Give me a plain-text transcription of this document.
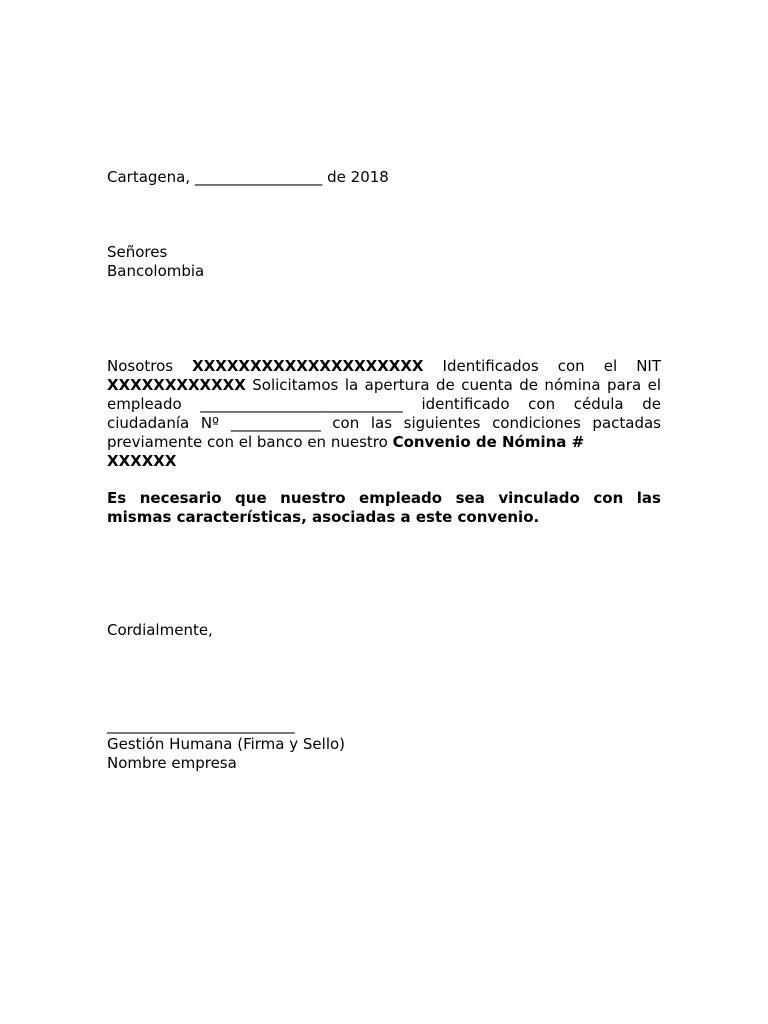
Cartagena, _________________ de 2018

Señores
Bancolombia

Nosotros XXXXXXXXXXXXXXXXXXXX Identificados con el NIT XXXXXXXXXXXX Solicitamos la apertura de cuenta de nómina para el empleado ___________________________ identificado con cédula de ciudadanía Nº ____________ con las siguientes condiciones pactadas previamente con el banco en nuestro Convenio de Nómina #
XXXXXX

Es necesario que nuestro empleado sea vinculado con las mismas características, asociadas a este convenio.

Cordialmente,

_________________________
Gestión Humana (Firma y Sello)
Nombre empresa
